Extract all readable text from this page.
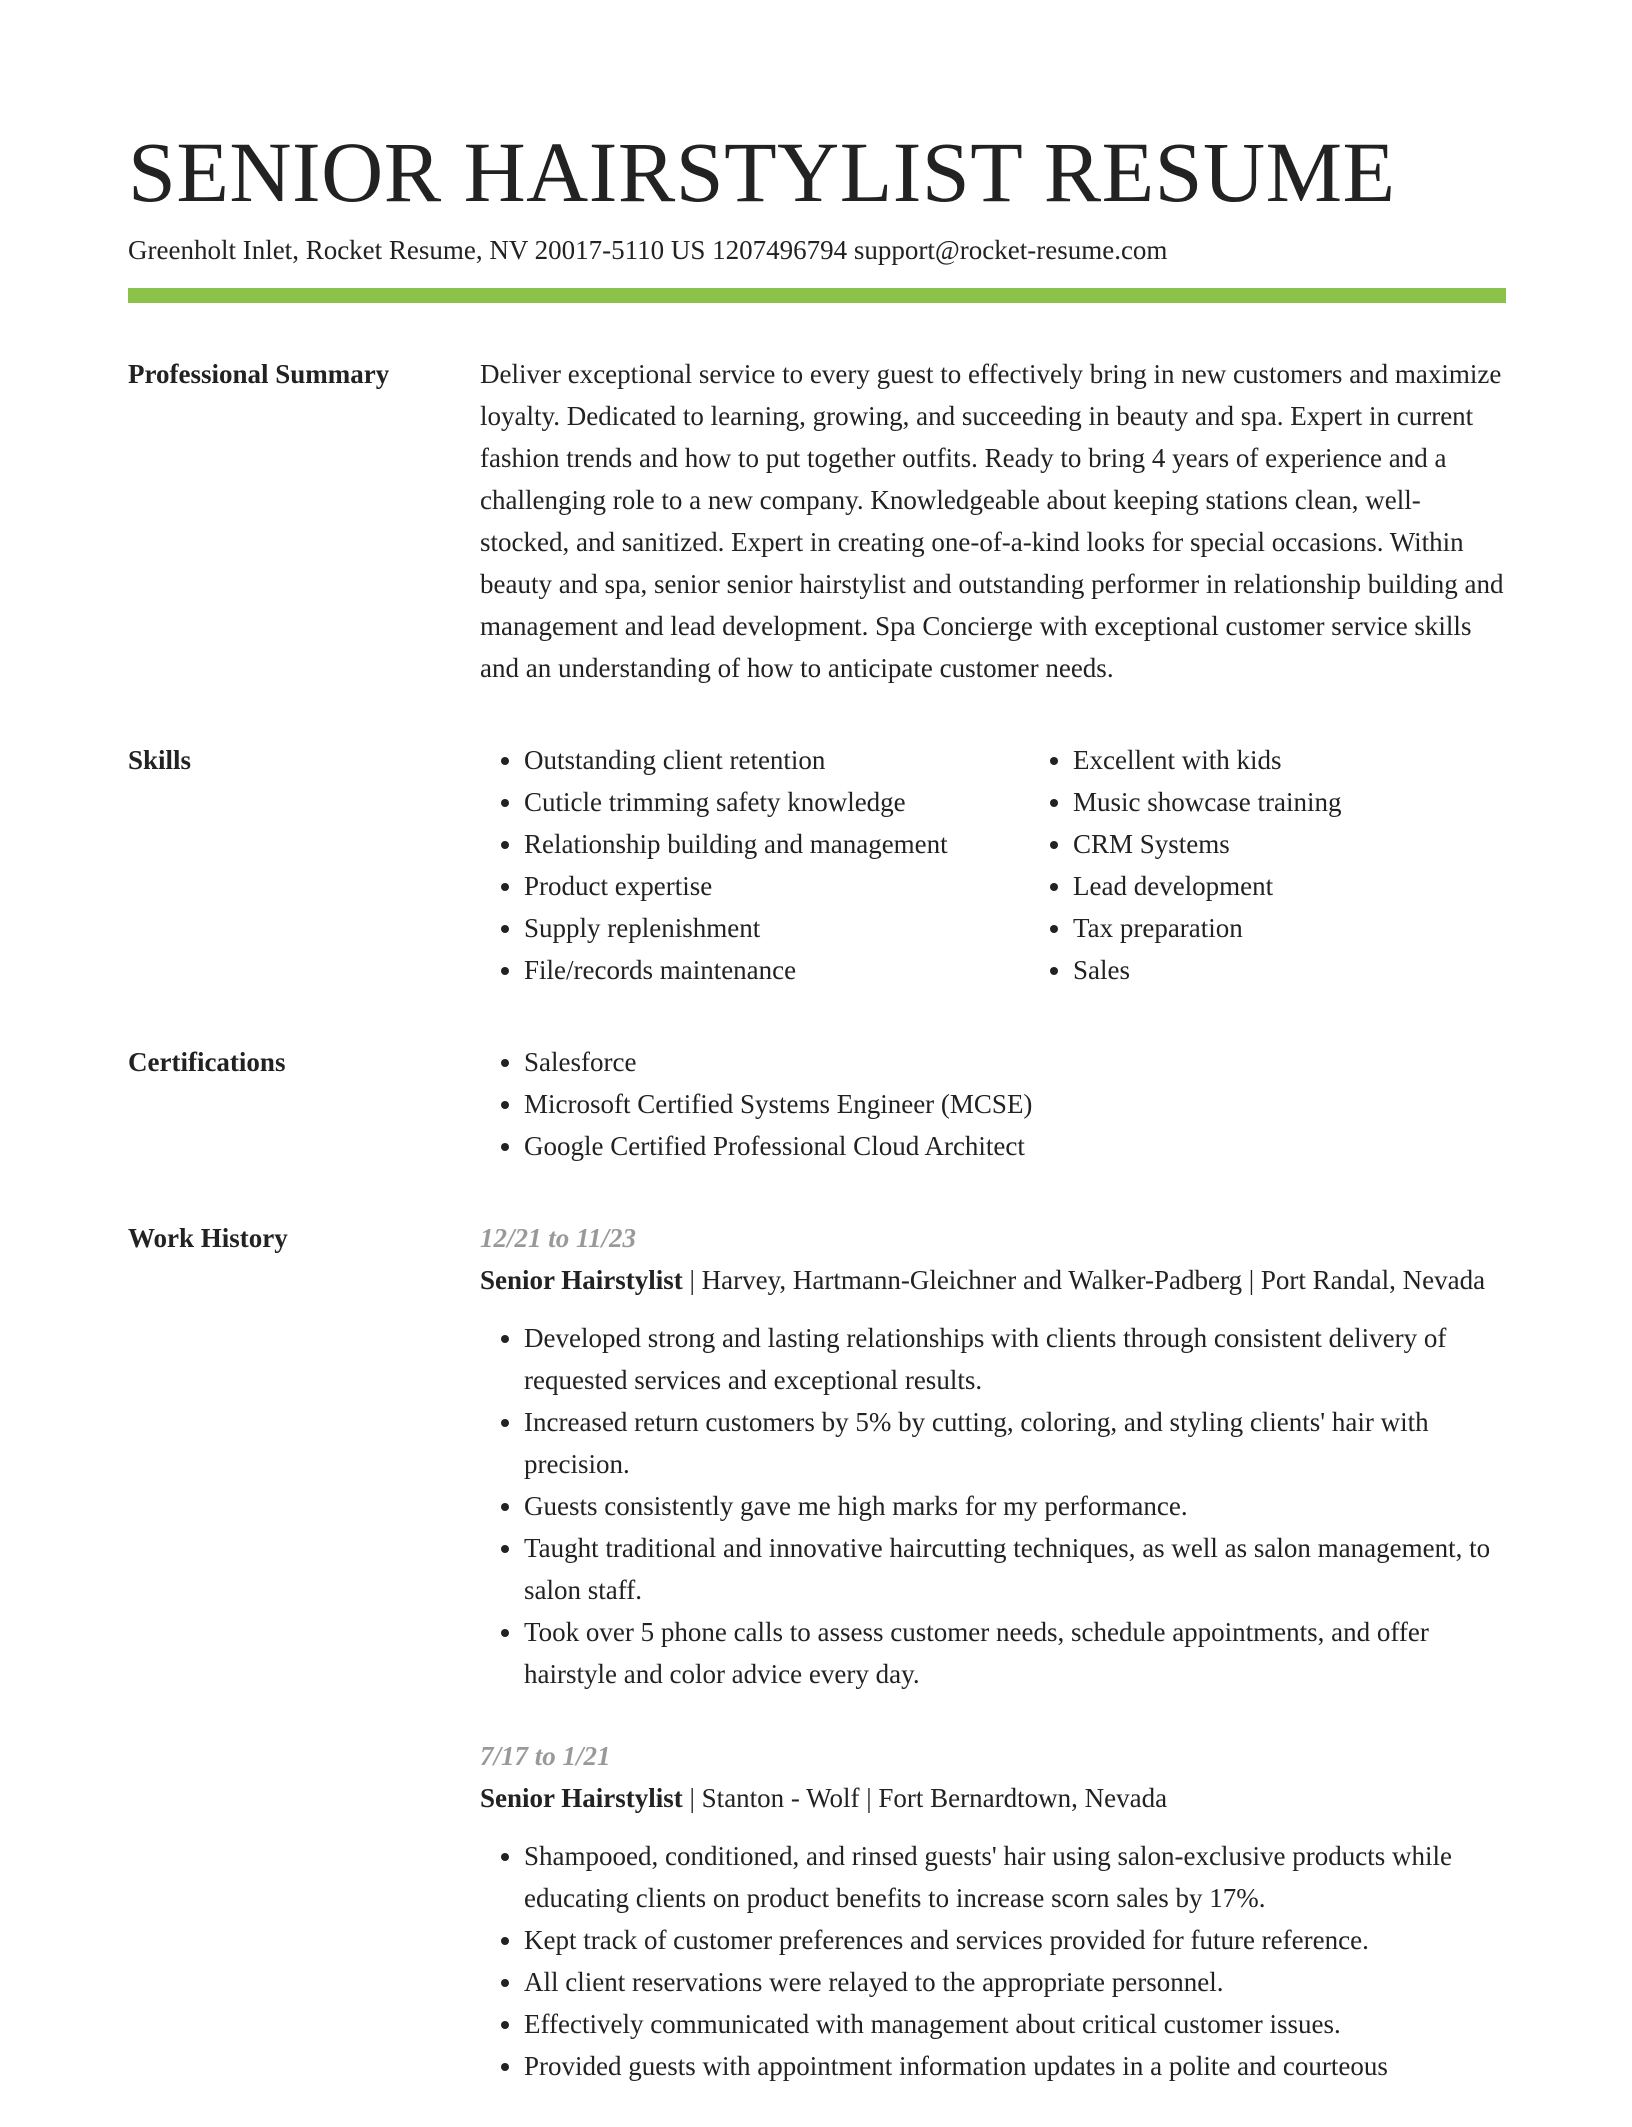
SENIOR HAIRSTYLIST RESUME
Greenholt Inlet, Rocket Resume, NV 20017-5110 US 1207496794 support@rocket-resume.com
Professional Summary	Deliver exceptional service to every guest to effectively bring in new customers and maximize loyalty. Dedicated to learning, growing, and succeeding in beauty and spa. Expert in current fashion trends and how to put together outfits. Ready to bring 4 years of experience and a challenging role to a new company. Knowledgeable about keeping stations clean, well-stocked, and sanitized. Expert in creating one-of-a-kind looks for special occasions. Within beauty and spa, senior senior hairstylist and outstanding performer in relationship building and management and lead development. Spa Concierge with exceptional customer service skills and an understanding of how to anticipate customer needs.

Skills	• Outstanding client retention
• Cuticle trimming safety knowledge
• Relationship building and management
• Product expertise
• Supply replenishment
• File/records maintenance
• Excellent with kids
• Music showcase training
• CRM Systems
• Lead development
• Tax preparation
• Sales
Certifications	• Salesforce
• Microsoft Certified Systems Engineer (MCSE)
• Google Certified Professional Cloud Architect
Work History	12/21 to 11/23

Senior Hairstylist | Harvey, Hartmann-Gleichner and Walker-Padberg | Port Randal, Nevada

• Developed strong and lasting relationships with clients through consistent delivery of requested services and exceptional results.
• Increased return customers by 5% by cutting, coloring, and styling clients' hair with precision.
• Guests consistently gave me high marks for my performance.
• Taught traditional and innovative haircutting techniques, as well as salon management, to salon staff.
• Took over 5 phone calls to assess customer needs, schedule appointments, and offer hairstyle and color advice every day.
7/17 to 1/21

Senior Hairstylist | Stanton - Wolf | Fort Bernardtown, Nevada

• Shampooed, conditioned, and rinsed guests' hair using salon-exclusive products while educating clients on product benefits to increase scorn sales by 17%.
• Kept track of customer preferences and services provided for future reference.
• All client reservations were relayed to the appropriate personnel.
• Effectively communicated with management about critical customer issues.
• Provided guests with appointment information updates in a polite and courteous
